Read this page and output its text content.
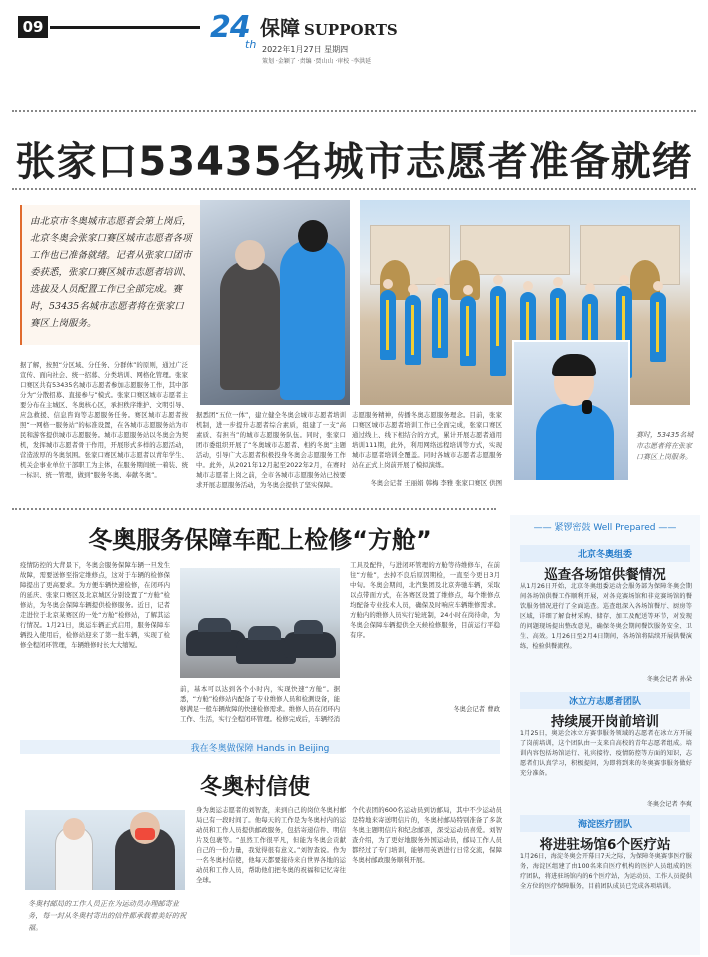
09	24
th
保障 SUPPORTS
2022年1月27日 星期四
策划 ·金颖了 ·责编 ·贾山山 ·审校 ·李洪延
张家口53435名城市志愿者准备就绪

由北京市冬奥城市志愿者会第上岗后，北京冬奥会张家口赛区城市志愿者各项工作也已准备就绪。记者从张家口团市委获悉，张家口赛区城市志愿者培训、选拔及人员配置工作已全部完成。赛时，53435名城市志愿者将在张家口赛区上岗服务。

赛时，53435名城市志愿者将在张家口赛区上岗服务。
据了解，按照“分区域、分任务、分群体”的原则，通过广泛宣传、面向社会、统一招募、分类培训、网格化管理。张家口赛区共有53435名城市志愿者参加志愿服务工作，其中部分为“分散招募、直接参与”模式。张家口赛区城市志愿者主要分布在主城区、冬奥核心区，承担秩序维护、文明引导、应急救援、信息咨询等志愿服务任务。赛区城市志愿者按照“一网格一服务站”的标准设置，在各城市志愿服务站为市民和游客提供城市志愿服务。城市志愿服务站以冬奥会为契机，发挥城市志愿者骨干作用，开展形式多样的志愿活动，营造浓厚的冬奥氛围。张家口赛区城市志愿者以青年学生、机关企事业单位干部职工为主体，在服务期间统一着装、统一标识、统一管理，做到“服务冬奥、奉献冬奥”。
据悉团“五位一体”，建立健全冬奥会城市志愿者培训机制，进一步提升志愿者综合素质，组建了一支“高素质、有担当”的城市志愿服务队伍。同时，张家口团市委组织开展了“冬奥城市志愿者、相约冬奥”主题活动，引导广大志愿者积极投身冬奥会志愿服务工作中。此外，从2021年12月起至2022年2月，在赛时城市志愿者上岗之前，全市各城市志愿服务站已按要求开展志愿服务活动，为冬奥会提供了坚实保障。
志愿服务精神，传播冬奥志愿服务理念。目前，张家口赛区城市志愿者培训工作已全面完成，张家口赛区通过线上、线下相结合的方式，累计开展志愿者通用培训111期，此外，利用网络远程培训等方式，实现城市志愿者培训全覆盖。同时各城市志愿者志愿服务站在正式上岗前开展了模拟演练。
冬奥会记者 王丽娟 韩梅 李雅 张家口赛区 供图
冬奥服务保障车配上检修“方舱”
疫情防控的大背景下，冬奥会服务保障车辆一旦发生故障，需要送修至指定维修点，这对于车辆的检修保障提出了更高要求。为方便车辆快速检修，在闭环内的延庆、张家口赛区及北京城区分别设置了“方舱”检修站，为冬奥会保障车辆提供检修服务。近日，记者走进位于北京某赛区的一处“方舱”检修站，了解其运行情况。1月21日，奥运车辆正式启用，服务保障车辆投入使用后，检修站迎来了第一批车辆，实现了检修全程闭环管理，车辆维修时长大大缩短。
前，基本可以达到各个小时内，实现快速“方舱”。据悉，“方舱”检修站内配备了专业维修人员和检测设备，能够满足一般车辆故障的快速检修需求。维修人员在闭环内工作、生活，实行全程闭环管理。检修完成后，车辆经消
工具及配件，与进闭环管理的方舱等待维修车，在前往“方舱”，去掉不良后原因期检，一直至今更日3月中旬。冬奥会期间，北汽集团及北京奔驰车辆，采取以点带面方式，在各赛区设置了维修点，每个维修点均配备专业技术人员，确保及时响应车辆维修需求。方舱内的维修人员实行轮班制，24小时在岗待命，为冬奥会保障车辆提供全天候检修服务，目前运行平稳有序。
冬奥会记者 曹政
我在冬奥做保障 Hands in Beijing
冬奥村信使
冬奥村邮局的工作人员正在为运动员办理邮寄业务，每一封从冬奥村寄出的信件都承载着美好的祝福。
身为奥运志愿者的刘智查，来到自己的岗位冬奥村邮局已有一段时间了。他每天的工作是为冬奥村内的运动员和工作人员提供邮政服务，包括寄递信件、明信片及包裹等。“虽然工作很平凡，但能为冬奥会贡献自己的一份力量，我觉得很有意义。”刘智查说。作为一名冬奥村信使，他每天都要接待来自世界各地的运动员和工作人员，帮助他们把冬奥的祝福和记忆寄往全球。
个代表团的600名运动员到访邮局，其中不少运动员是特地来寄送明信片的，冬奥村邮局特别准备了多款冬奥主题明信片和纪念邮票，深受运动员喜爱。刘智查介绍，为了更好地服务外国运动员，邮局工作人员都经过了专门培训，能够用英语进行日常交流，保障冬奥村邮政服务顺利开展。
—— 紧锣密鼓 Well Prepared ——
北京冬奥组委
巡查各场馆供餐情况
从1月26日开始，北京冬奥组委运动会服务部为保障冬奥会期间各场馆供餐工作顺利开展，对各竞赛场馆和非竞赛场馆的餐饮服务情况进行了全面巡查。巡查组深入各场馆餐厅、厨房等区域，详细了解食材采购、储存、加工及配送等环节，对发现的问题现场提出整改意见，确保冬奥会期间餐饮服务安全、卫生、高效。1月26日至2月4日期间，各场馆将陆续开展供餐演练，检验供餐流程。
冬奥会记者 孙朵
冰立方志愿者团队
持续展开岗前培训
1月25日，奥运会冰立方赛事服务领域的志愿者在冰立方开展了岗前培训，这个团队由一支来自高校的青年志愿者组成。培训内容包括场馆运行、礼宾接待、疫情防控等方面的知识，志愿者们认真学习，积极提问，为即将到来的冬奥赛事服务做好充分准备。
冬奥会记者 李爽
海淀医疗团队
将进驻场馆6个医疗站
1月26日，海淀冬奥会开幕日7天之际，为保障冬奥赛事医疗服务，海淀区组建了由100名来自医疗机构的医护人员组成的医疗团队，将进驻场馆内的6个医疗站，为运动员、工作人员提供全方位的医疗保障服务，目前团队成员已完成各项培训。
